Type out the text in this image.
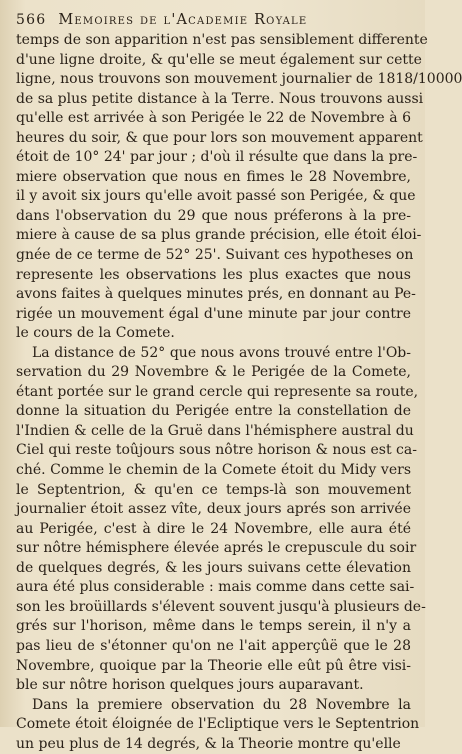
566 Memoires de l'Academie Royale
temps de son apparition n'est pas sensiblement differente
d'une ligne droite, & qu'elle se meut également sur cette
ligne, nous trouvons son mouvement journalier de 1818/10000
de sa plus petite distance à la Terre. Nous trouvons aussi
qu'elle est arrivée à son Perigée le 22 de Novembre à 6
heures du soir, & que pour lors son mouvement apparent
étoit de 10° 24' par jour ; d'où il résulte que dans la pre-
miere observation que nous en fimes le 28 Novembre,
il y avoit six jours qu'elle avoit passé son Perigée, & que
dans l'observation du 29 que nous préferons à la pre-
miere à cause de sa plus grande précision, elle étoit éloi-
gnée de ce terme de 52° 25'. Suivant ces hypotheses on
represente les observations les plus exactes que nous
avons faites à quelques minutes prés, en donnant au Pe-
rigée un mouvement égal d'une minute par jour contre
le cours de la Comete.
La distance de 52° que nous avons trouvé entre l'Ob-
servation du 29 Novembre & le Perigée de la Comete,
étant portée sur le grand cercle qui represente sa route,
donne la situation du Perigée entre la constellation de
l'Indien & celle de la Gruë dans l'hémisphere austral du
Ciel qui reste toûjours sous nôtre horison & nous est ca-
ché. Comme le chemin de la Comete étoit du Midy vers
le Septentrion, & qu'en ce temps-là son mouvement
journalier étoit assez vîte, deux jours aprés son arrivée
au Perigée, c'est à dire le 24 Novembre, elle aura été
sur nôtre hémisphere élevée aprés le crepuscule du soir
de quelques degrés, & les jours suivans cette élevation
aura été plus considerable : mais comme dans cette sai-
son les broüillards s'élevent souvent jusqu'à plusieurs de-
grés sur l'horison, même dans le temps serein, il n'y a
pas lieu de s'étonner qu'on ne l'ait apperçûë que le 28
Novembre, quoique par la Theorie elle eût pû être visi-
ble sur nôtre horison quelques jours auparavant.
Dans la premiere observation du 28 Novembre la
Comete étoit éloignée de l'Ecliptique vers le Septentrion
un peu plus de 14 degrés, & la Theorie montre qu'elle
